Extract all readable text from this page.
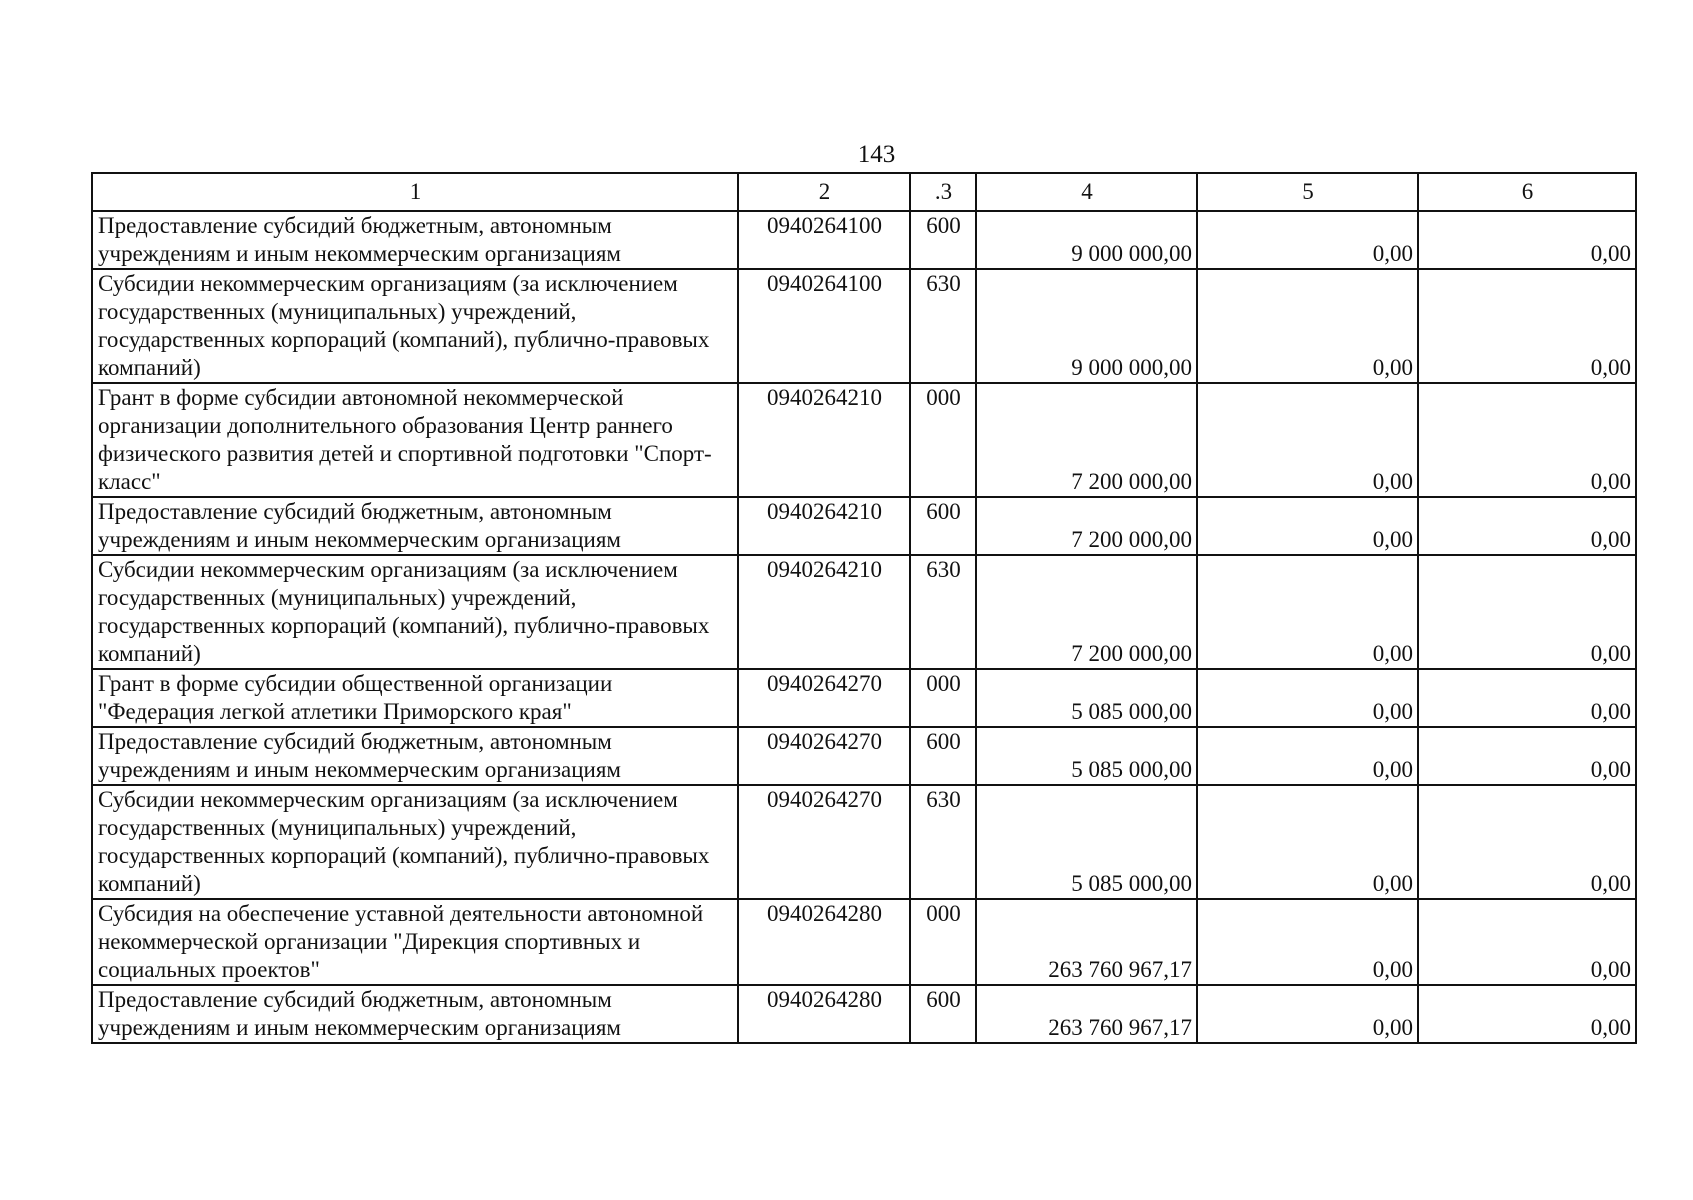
143
1	2	.3	4	5	6
Предоставление субсидий бюджетным, автономным учреждениям и иным некоммерческим организациям	0940264100	600	9 000 000,00	0,00	0,00
Субсидии некоммерческим организациям (за исключением государственных (муниципальных) учреждений, государственных корпораций (компаний), публично-правовых компаний)	0940264100	630	9 000 000,00	0,00	0,00
Грант в форме субсидии автономной некоммерческой организации дополнительного образования Центр раннего физического развития детей и спортивной подготовки "Спорт-класс"	0940264210	000	7 200 000,00	0,00	0,00
Предоставление субсидий бюджетным, автономным учреждениям и иным некоммерческим организациям	0940264210	600	7 200 000,00	0,00	0,00
Субсидии некоммерческим организациям (за исключением государственных (муниципальных) учреждений, государственных корпораций (компаний), публично-правовых компаний)	0940264210	630	7 200 000,00	0,00	0,00
Грант в форме субсидии общественной организации "Федерация легкой атлетики Приморского края"	0940264270	000	5 085 000,00	0,00	0,00
Предоставление субсидий бюджетным, автономным учреждениям и иным некоммерческим организациям	0940264270	600	5 085 000,00	0,00	0,00
Субсидии некоммерческим организациям (за исключением государственных (муниципальных) учреждений, государственных корпораций (компаний), публично-правовых компаний)	0940264270	630	5 085 000,00	0,00	0,00
Субсидия на обеспечение уставной деятельности автономной некоммерческой организации "Дирекция спортивных и социальных проектов"	0940264280	000	263 760 967,17	0,00	0,00
Предоставление субсидий бюджетным, автономным учреждениям и иным некоммерческим организациям	0940264280	600	263 760 967,17	0,00	0,00
